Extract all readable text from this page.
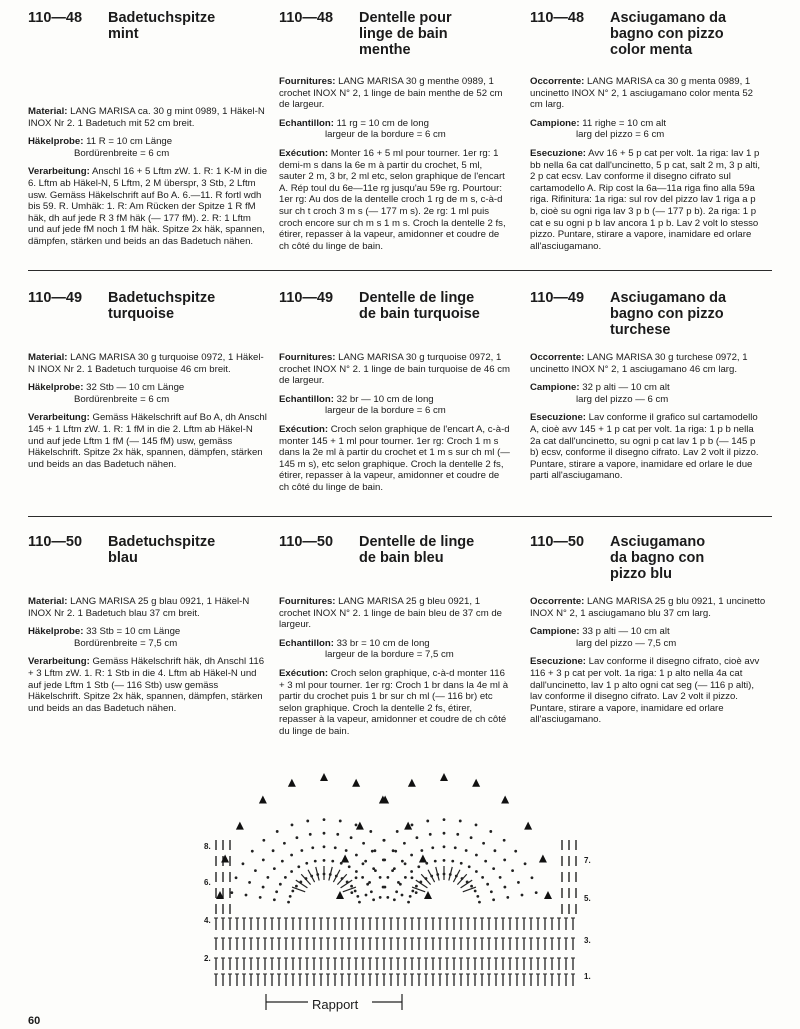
110—48	Badetuchspitze
mint

Material: LANG MARISA ca. 30 g mint 0989, 1 Häkel-N INOX Nr 2. 1 Badetuch mit 52 cm breit.

Häkelprobe: 11 R = 10 cm Länge
Bordürenbreite = 6 cm

Verarbeitung: Anschl 16 + 5 Lftm zW. 1. R: 1 K-M in die 6. Lftm ab Häkel-N, 5 Lftm, 2 M überspr, 3 Stb, 2 Lftm usw. Gemäss Häkelschrift auf Bo A. 6.—11. R fortl wdh bis 59. R. Umhäk: 1. R: Am Rücken der Spitze 1 R fM häk, dh auf jede R 3 fM häk (— 177 fM). 2. R: 1 Lftm und auf jede fM noch 1 fM häk. Spitze 2x häk, spannen, dämpfen, stärken und beids an das Badetuch nähen.

110—48	Dentelle pour
linge de bain
menthe

Fournitures: LANG MARISA 30 g menthe 0989, 1 crochet INOX N° 2, 1 linge de bain menthe de 52 cm de largeur.

Echantillon: 11 rg = 10 cm de long
largeur de la bordure = 6 cm

Exécution: Monter 16 + 5 ml pour tourner. 1er rg: 1 demi-m s dans la 6e m à partir du crochet, 5 ml, sauter 2 m, 3 br, 2 ml etc, selon graphique de l'encart A. Rép toul du 6e—11e rg jusqu'au 59e rg. Pourtour: 1er rg: Au dos de la dentelle croch 1 rg de m s, c-à-d sur ch t croch 3 m s (— 177 m s). 2e rg: 1 ml puis croch encore sur ch m s 1 m s. Croch la dentelle 2 fs, étirer, repasser à la vapeur, amidonner et coudre de ch côté du linge de bain.

110—48	Asciugamano da
bagno con pizzo
color menta

Occorrente: LANG MARISA ca 30 g menta 0989, 1 uncinetto INOX N° 2, 1 asciugamano color menta 52 cm larg.

Campione: 11 righe = 10 cm alt
larg del pizzo = 6 cm

Esecuzione: Avv 16 + 5 p cat per volt. 1a riga: lav 1 p bb nella 6a cat dall'uncinetto, 5 p cat, salt 2 m, 3 p alti, 2 p cat ecsv. Lav conforme il disegno cifrato sul cartamodello A. Rip cost la 6a—11a riga fino alla 59a riga. Rifinitura: 1a riga: sul rov del pizzo lav 1 riga a p b, cioè su ogni riga lav 3 p b (— 177 p b). 2a riga: 1 p cat e su ogni p b lav ancora 1 p b. Lav 2 volt lo stesso pizzo. Puntare, stirare a vapore, inamidare ed orlare all'asciugamano.

110—49	Badetuchspitze
turquoise

Material: LANG MARISA 30 g turquoise 0972, 1 Häkel-N INOX Nr 2. 1 Badetuch turquoise 46 cm breit.

Häkelprobe: 32 Stb — 10 cm Länge
Bordürenbreite = 6 cm

Verarbeitung: Gemäss Häkelschrift auf Bo A, dh Anschl 145 + 1 Lftm zW. 1. R: 1 fM in die 2. Lftm ab Häkel-N und auf jede Lftm 1 fM (— 145 fM) usw, gemäss Häkelschrift. Spitze 2x häk, spannen, dämpfen, stärken und beids an das Badetuch nähen.

110—49	Dentelle de linge
de bain turquoise

Fournitures: LANG MARISA 30 g turquoise 0972, 1 crochet INOX N° 2. 1 linge de bain turquoise de 46 cm de largeur.

Echantillon: 32 br — 10 cm de long
largeur de la bordure = 6 cm

Exécution: Croch selon graphique de l'encart A, c-à-d monter 145 + 1 ml pour tourner. 1er rg: Croch 1 m s dans la 2e ml à partir du crochet et 1 m s sur ch ml (— 145 m s), etc selon graphique. Croch la dentelle 2 fs, étirer, repasser à la vapeur, amidonner et coudre de ch côté du linge de bain.

110—49	Asciugamano da
bagno con pizzo
turchese

Occorrente: LANG MARISA 30 g turchese 0972, 1 uncinetto INOX N° 2, 1 asciugamano 46 cm larg.

Campione: 32 p alti — 10 cm alt
larg del pizzo — 6 cm

Esecuzione: Lav conforme il grafico sul cartamodello A, cioè avv 145 + 1 p cat per volt. 1a riga: 1 p b nella 2a cat dall'uncinetto, su ogni p cat lav 1 p b (— 145 p b) ecsv, conforme il disegno cifrato. Lav 2 volt il pizzo. Puntare, stirare a vapore, inamidare ed orlare le due parti all'asciugamano.

110—50	Badetuchspitze
blau

Material: LANG MARISA 25 g blau 0921, 1 Häkel-N INOX Nr 2. 1 Badetuch blau 37 cm breit.

Häkelprobe: 33 Stb = 10 cm Länge
Bordürenbreite = 7,5 cm

Verarbeitung: Gemäss Häkelschrift häk, dh Anschl 116 + 3 Lftm zW. 1. R: 1 Stb in die 4. Lftm ab Häkel-N und auf jede Lftm 1 Stb (— 116 Stb) usw gemäss Häkelschrift. Spitze 2x häk, spannen, dämpfen, stärken und beids an das Badetuch nähen.

110—50	Dentelle de linge
de bain bleu

Fournitures: LANG MARISA 25 g bleu 0921, 1 crochet INOX N° 2. 1 linge de bain bleu de 37 cm de largeur.

Echantillon: 33 br = 10 cm de long
largeur de la bordure = 7,5 cm

Exécution: Croch selon graphique, c-à-d monter 116 + 3 ml pour tourner. 1er rg: Croch 1 br dans la 4e ml à partir du crochet puis 1 br sur ch ml (— 116 br) etc selon graphique. Croch la dentelle 2 fs, étirer, repasser à la vapeur, amidonner et coudre de ch côté du linge de bain.

110—50	Asciugamano
da bagno con
pizzo blu

Occorrente: LANG MARISA 25 g blu 0921, 1 uncinetto INOX N° 2, 1 asciugamano blu 37 cm larg.

Campione: 33 p alti — 10 cm alt
larg del pizzo — 7,5 cm

Esecuzione: Lav conforme il disegno cifrato, cioè avv 116 + 3 p cat per volt. 1a riga: 1 p alto nella 4a cat dall'uncinetto, lav 1 p alto ogni cat seg (— 116 p alti), lav conforme il disegno cifrato. Lav 2 volt il pizzo. Puntare, stirare a vapore, inamidare ed orlare all'asciugamano.

8.
6.
4.
2.
7.
5.
3.
1.
Rapport
60
